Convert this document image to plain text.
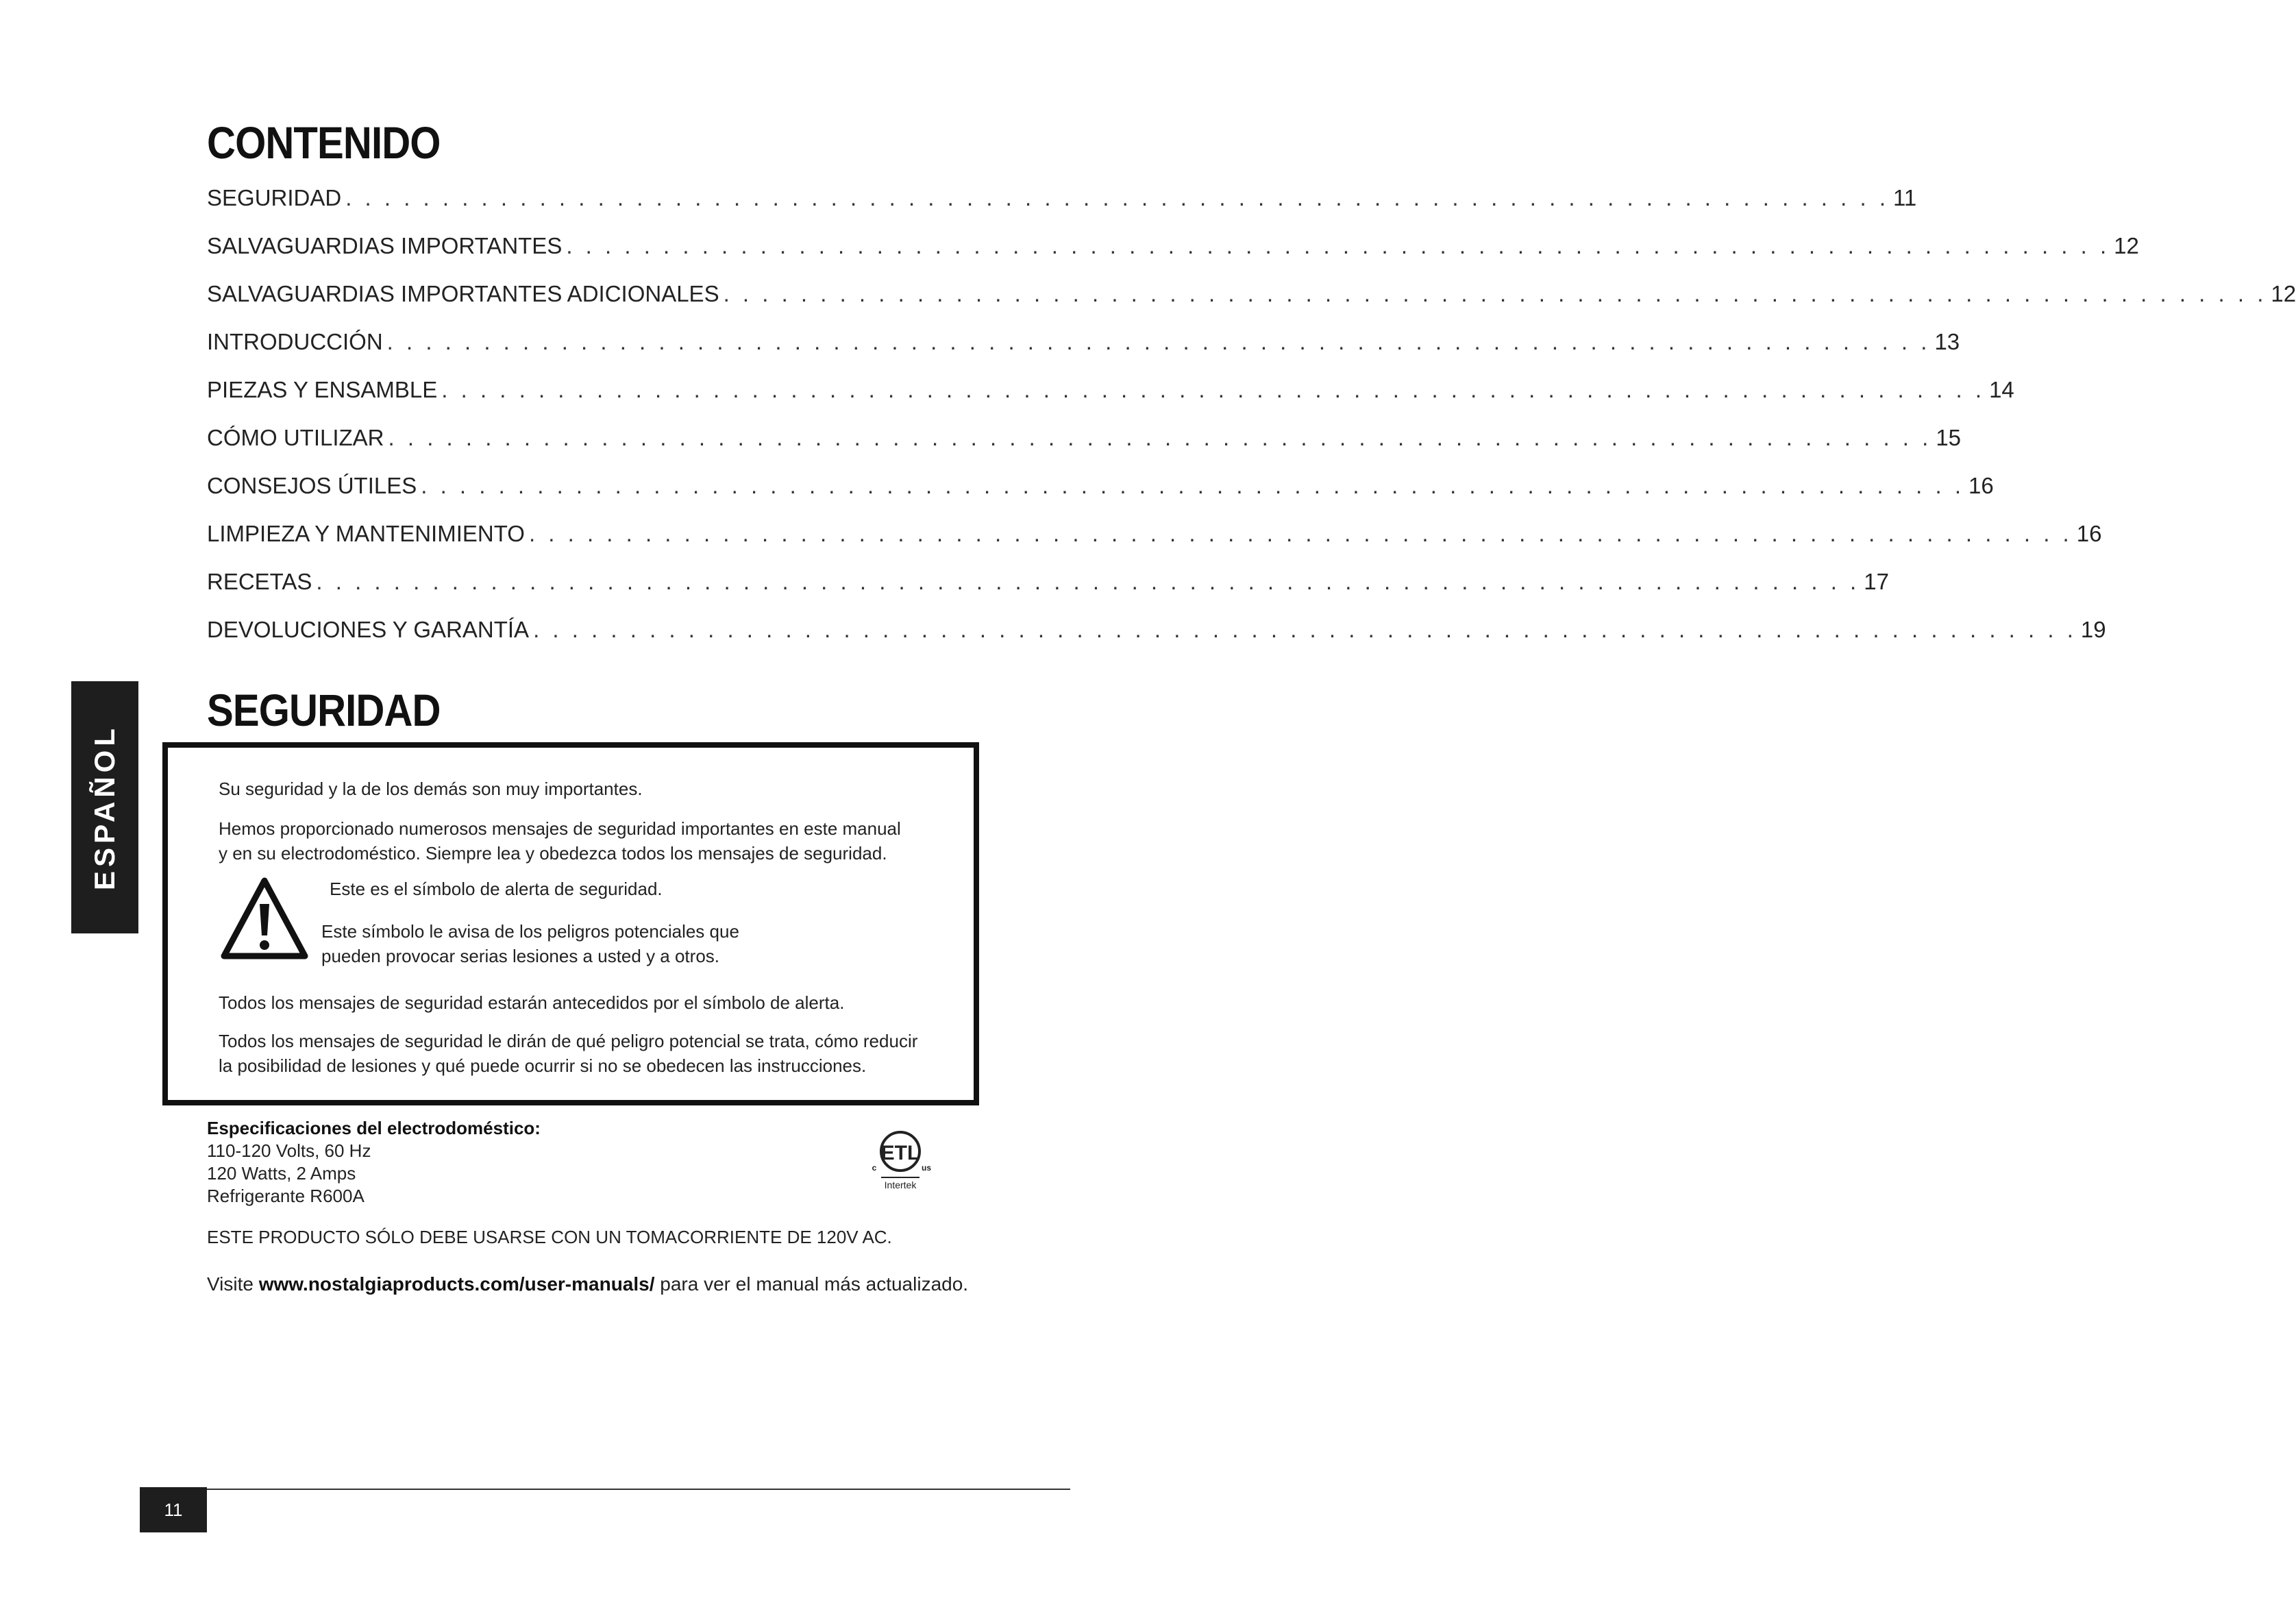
CONTENIDO
SEGURIDAD . . . . . . . . . . . . . . . . . . . . . . . . . . . . . . . . . . . . . . . . . . . . . . . . . . . . . . . . . . . . . . . . . . . . . . . . . . . . . . . . 11
SALVAGUARDIAS IMPORTANTES . . . . . . . . . . . . . . . . . . . . . . . . . . . . . . . . . . . . . . . . . . . . . . . . . . . . . . . . . . . . . . . . . . . . . . . . . . . . . . . . 12
SALVAGUARDIAS IMPORTANTES ADICIONALES . . . . . . . . . . . . . . . . . . . . . . . . . . . . . . . . . . . . . . . . . . . . . . . . . . . . . . . . . . . . . . . . . . . . . . . . . . . . . . . . 12
INTRODUCCIÓN . . . . . . . . . . . . . . . . . . . . . . . . . . . . . . . . . . . . . . . . . . . . . . . . . . . . . . . . . . . . . . . . . . . . . . . . . . . . . . . . 13
PIEZAS Y ENSAMBLE . . . . . . . . . . . . . . . . . . . . . . . . . . . . . . . . . . . . . . . . . . . . . . . . . . . . . . . . . . . . . . . . . . . . . . . . . . . . . . . . 14
CÓMO UTILIZAR . . . . . . . . . . . . . . . . . . . . . . . . . . . . . . . . . . . . . . . . . . . . . . . . . . . . . . . . . . . . . . . . . . . . . . . . . . . . . . . . 15
CONSEJOS ÚTILES . . . . . . . . . . . . . . . . . . . . . . . . . . . . . . . . . . . . . . . . . . . . . . . . . . . . . . . . . . . . . . . . . . . . . . . . . . . . . . . . 16
LIMPIEZA Y MANTENIMIENTO . . . . . . . . . . . . . . . . . . . . . . . . . . . . . . . . . . . . . . . . . . . . . . . . . . . . . . . . . . . . . . . . . . . . . . . . . . . . . . . . 16
RECETAS . . . . . . . . . . . . . . . . . . . . . . . . . . . . . . . . . . . . . . . . . . . . . . . . . . . . . . . . . . . . . . . . . . . . . . . . . . . . . . . . 17
DEVOLUCIONES Y GARANTÍA . . . . . . . . . . . . . . . . . . . . . . . . . . . . . . . . . . . . . . . . . . . . . . . . . . . . . . . . . . . . . . . . . . . . . . . . . . . . . . . . 19
ESPAÑOL
SEGURIDAD

Su seguridad y la de los demás son muy importantes.

Hemos proporcionado numerosos mensajes de seguridad importantes en este manual
y en su electrodoméstico. Siempre lea y obedezca todos los mensajes de seguridad.

Este es el símbolo de alerta de seguridad.

Este símbolo le avisa de los peligros potenciales que
pueden provocar serias lesiones a usted y a otros.

Todos los mensajes de seguridad estarán antecedidos por el símbolo de alerta.

Todos los mensajes de seguridad le dirán de qué peligro potencial se trata, cómo reducir
la posibilidad de lesiones y qué puede ocurrir si no se obedecen las instrucciones.

Especificaciones del electrodoméstico:
110-120 Volts, 60 Hz
120 Watts, 2 Amps
Refrigerante R600A
ETL
c	us
Intertek
ESTE PRODUCTO SÓLO DEBE USARSE CON UN TOMACORRIENTE DE 120V AC.
Visite www.nostalgiaproducts.com/user-manuals/ para ver el manual más actualizado.
11
